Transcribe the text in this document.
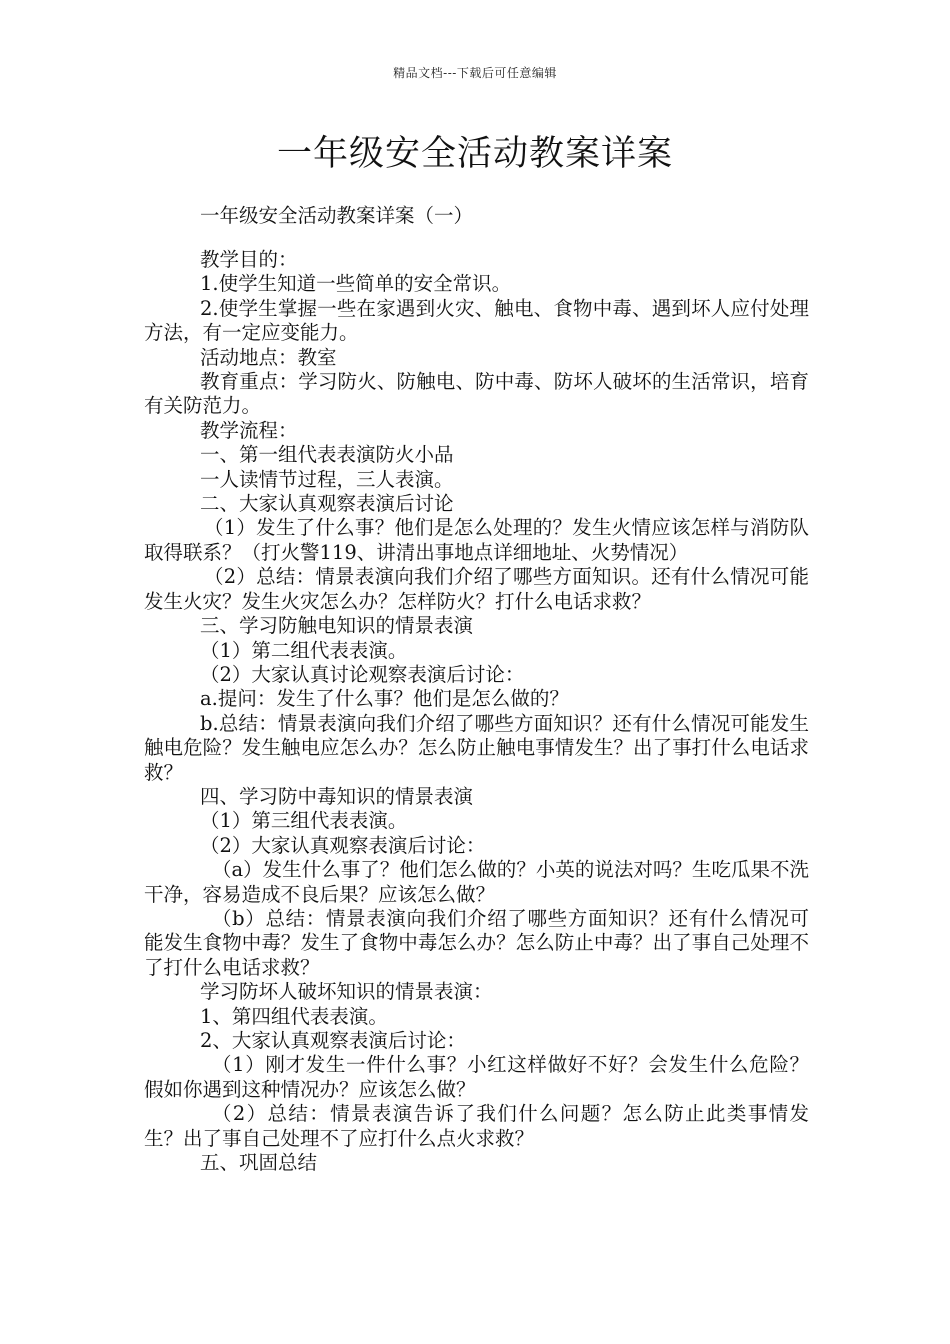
精品文档---下载后可任意编辑
一年级安全活动教案详案

一年级安全活动教案详案（一）

教学目的：

1.使学生知道一些简单的安全常识。

2.使学生掌握一些在家遇到火灾、触电、食物中毒、遇到坏人应付处理方法，有一定应变能力。

活动地点：教室

教育重点：学习防火、防触电、防中毒、防坏人破坏的生活常识，培育有关防范力。

教学流程：

一、第一组代表表演防火小品

一人读情节过程，三人表演。

二、大家认真观察表演后讨论

（1）发生了什么事？他们是怎么处理的？发生火情应该怎样与消防队取得联系？（打火警119、讲清出事地点详细地址、火势情况）

（2）总结：情景表演向我们介绍了哪些方面知识。还有什么情况可能发生火灾？发生火灾怎么办？怎样防火？打什么电话求救？

三、学习防触电知识的情景表演

（1）第二组代表表演。

（2）大家认真讨论观察表演后讨论：

a.提问：发生了什么事？他们是怎么做的？

b.总结：情景表演向我们介绍了哪些方面知识？还有什么情况可能发生触电危险？发生触电应怎么办？怎么防止触电事情发生？出了事打什么电话求救？

四、学习防中毒知识的情景表演

（1）第三组代表表演。

（2）大家认真观察表演后讨论：

（a）发生什么事了？他们怎么做的？小英的说法对吗？生吃瓜果不洗干净，容易造成不良后果？应该怎么做？

（b）总结：情景表演向我们介绍了哪些方面知识？还有什么情况可能发生食物中毒？发生了食物中毒怎么办？怎么防止中毒？出了事自己处理不了打什么电话求救？

学习防坏人破坏知识的情景表演：

1、第四组代表表演。

2、大家认真观察表演后讨论：

（1）刚才发生一件什么事？小红这样做好不好？会发生什么危险？假如你遇到这种情况办？应该怎么做？

（2）总结：情景表演告诉了我们什么问题？怎么防止此类事情发生？出了事自己处理不了应打什么点火求救？

五、巩固总结
